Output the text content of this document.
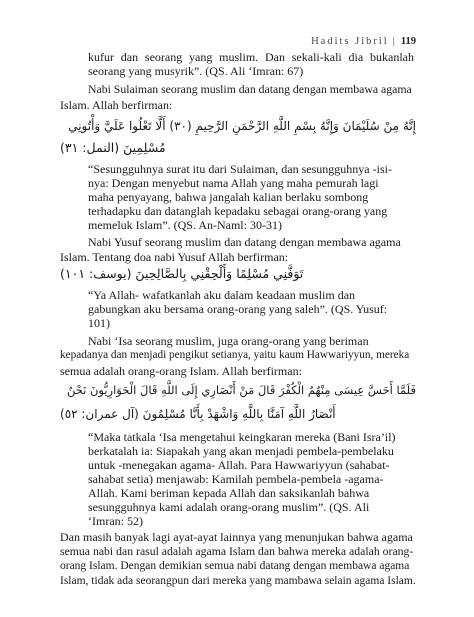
Hadits Jibril | 119
kufur dan seorang yang muslim. Dan sekali-kali dia bukanlah
seorang yang musyrik”. (QS. Ali ‘Imran: 67)
Nabi Sulaiman seorang muslim dan datang dengan membawa agama
Islam. Allah berfirman:
إِنَّهُ مِنْ سُلَيْمَانَ وَإِنَّهُ بِسْمِ اللَّهِ الرَّحْمَنِ الرَّحِيمِ (٣٠) أَلَّا تَعْلُوا عَلَيَّ وَأْتُونِي
مُسْلِمِينَ (النمل: ٣١)
“Sesungguhnya surat itu dari Sulaiman, dan sesungguhnya -isi-
nya: Dengan menyebut nama Allah yang maha pemurah lagi
maha penyayang, bahwa jangalah kalian berlaku sombong
terhadapku dan datanglah kepadaku sebagai orang-orang yang
memeluk Islam”. (QS. An-Naml: 30-31)
Nabi Yusuf seorang muslim dan datang dengan membawa agama
Islam. Tentang doa nabi Yusuf Allah berfirman:
تَوَفَّنِي مُسْلِمًا وَأَلْحِقْنِي بِالصَّالِحِينَ (يوسف: ١٠١)
“Ya Allah- wafatkanlah aku dalam keadaan muslim dan
gabungkan aku bersama orang-orang yang saleh”. (QS. Yusuf:
101)
Nabi ‘Isa seorang muslim, juga orang-orang yang beriman
kepadanya dan menjadi pengikut setianya, yaitu kaum Hawwariyyun, mereka
semua adalah orang-orang Islam. Allah berfirman:
فَلَمَّا أَحَسَّ عِيسَى مِنْهُمُ الْكُفْرَ قَالَ مَنْ أَنْصَارِي إِلَى اللَّهِ قَالَ الْحَوَارِيُّونَ نَحْنُ
أَنْصَارُ اللَّهِ آمَنَّا بِاللَّهِ وَاشْهَدْ بِأَنَّا مُسْلِمُونَ (آل عمران: ٥٢)
“Maka tatkala ‘Isa mengetahui keingkaran mereka (Bani Isra’il)
berkatalah ia: Siapakah yang akan menjadi pembela-pembelaku
untuk -menegakan agama- Allah. Para Hawwariyyun (sahabat-
sahabat setia) menjawab: Kamilah pembela-pembela -agama-
Allah. Kami beriman kepada Allah dan saksikanlah bahwa
sesungguhnya kami adalah orang-orang muslim”. (QS. Ali
‘Imran: 52)
Dan masih banyak lagi ayat-ayat lainnya yang menunjukan bahwa agama
semua nabi dan rasul adalah agama Islam dan bahwa mereka adalah orang-
orang Islam. Dengan demikian semua nabi datang dengan membawa agama
Islam, tidak ada seorangpun dari mereka yang mambawa selain agama Islam.
